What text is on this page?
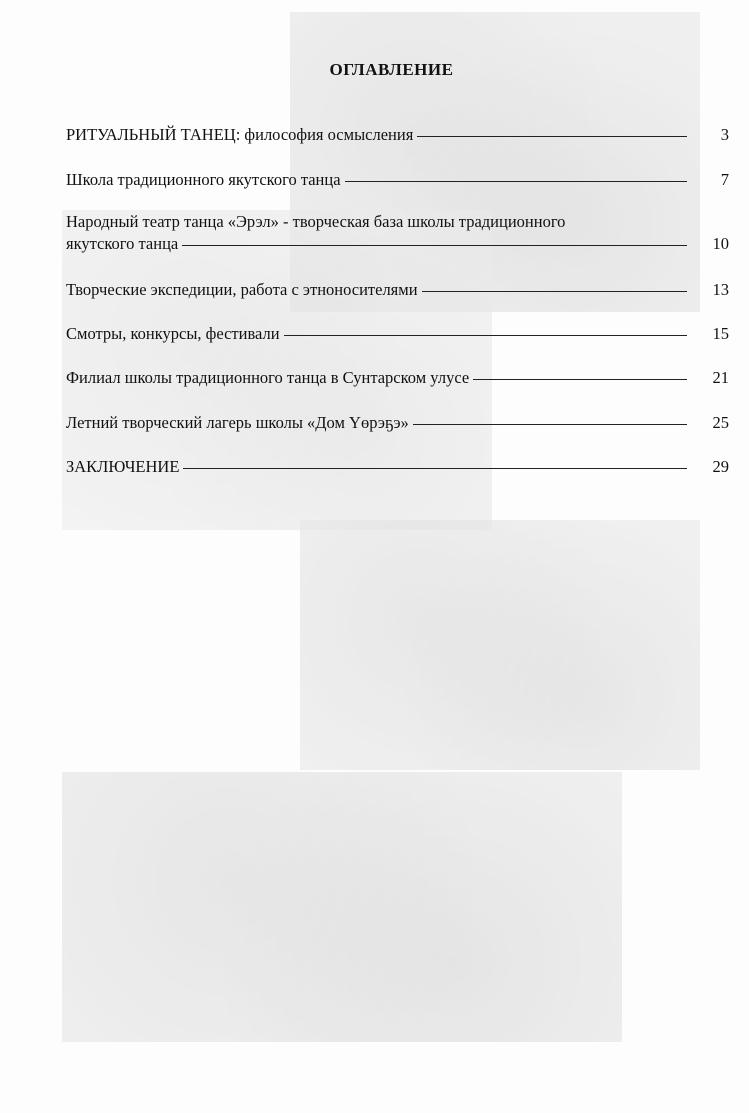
ОГЛАВЛЕНИЕ
РИТУАЛЬНЫЙ ТАНЕЦ: философия осмысления	3
Школа традиционного якутского танца	7
Народный театр танца «Эрэл» - творческая база школы традиционного
якутского танца	10
Творческие экспедиции, работа с этноносителями	13
Смотры, конкурсы, фестивали	15
Филиал школы традиционного танца в Сунтарском улусе	21
Летний творческий лагерь школы «Дом Үөрэҕэ»	25
ЗАКЛЮЧЕНИЕ	29
